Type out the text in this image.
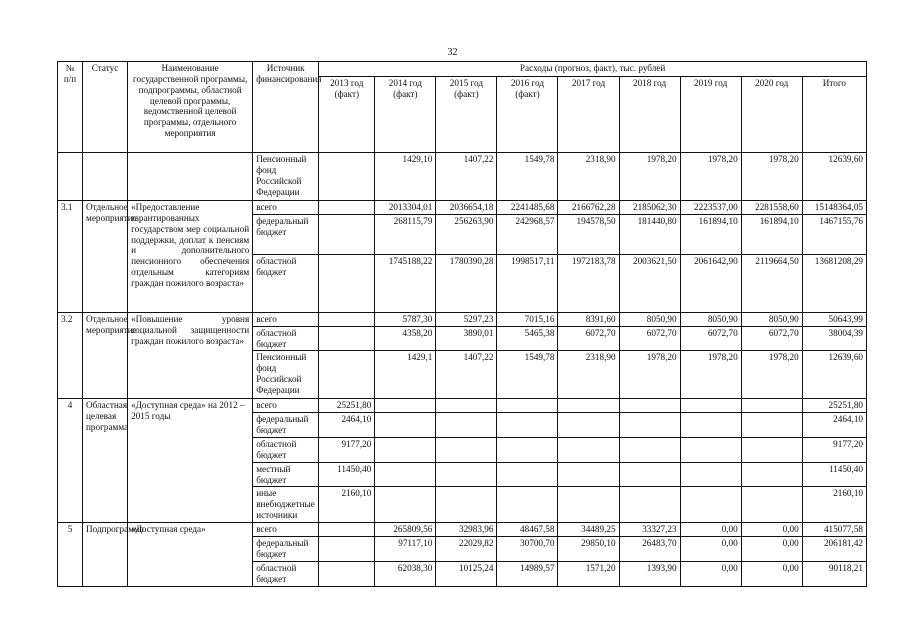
32
№ п/п	Статус	Наименование государственной программы, подпрограммы, областной целевой программы, ведомственной целевой программы, отдельного мероприятия	Источник финансирования	Расходы (прогноз, факт), тыс. рублей								
				2013 год (факт)	2014 год (факт)	2015 год (факт)	2016 год (факт)	2017 год	2018 год	2019 год	2020 год	Итого
			Пенсионный фонд Российской Федерации		1429,10	1407,22	1549,78	2318,90	1978,20	1978,20	1978,20	12639,60
3.1	Отдельное мероприятие	«Предоставление гарантированных государством мер социальной поддержки, доплат к пенсиям и дополнительного пенсионного обеспечения отдельным категориям граждан пожилого возраста»	всего		2013304,01	2036654,18	2241485,68	2166762,28	2185062,30	2223537,00	2281558,60	15148364,05
			федеральный бюджет		268115,79	256263,90	242968,57	194578,50	181440,80	161894,10	161894,10	1467155,76
			областной бюджет		1745188,22	1780390,28	1998517,11	1972183,78	2003621,50	2061642,90	2119664,50	13681208,29
3.2	Отдельное мероприятие	«Повышение уровня социальной защищенности граждан пожилого возраста»	всего		5787,30	5297,23	7015,16	8391,60	8050,90	8050,90	8050,90	50643,99
			областной бюджет		4358,20	3890,01	5465,38	6072,70	6072,70	6072,70	6072,70	38004,39
			Пенсионный фонд Российской Федерации		1429,1	1407,22	1549,78	2318,90	1978,20	1978,20	1978,20	12639,60
4	Областная целевая программа	«Доступная среда» на 2012 – 2015 годы	всего	25251,80								25251,80
			федеральный бюджет	2464,10								2464,10
			областной бюджет	9177,20								9177,20
			местный бюджет	11450,40								11450,40
			иные внебюджетные источники	2160,10								2160,10
5	Подпрограмма	«Доступная среда»	всего		265809,56	32983,96	48467,58	34489,25	33327,23	0,00	0,00	415077,58
			федеральный бюджет		97117,10	22029,82	30700,70	29850,10	26483,70	0,00	0,00	206181,42
			областной бюджет		62038,30	10125,24	14989,57	1571,20	1393,90	0,00	0,00	90118,21
